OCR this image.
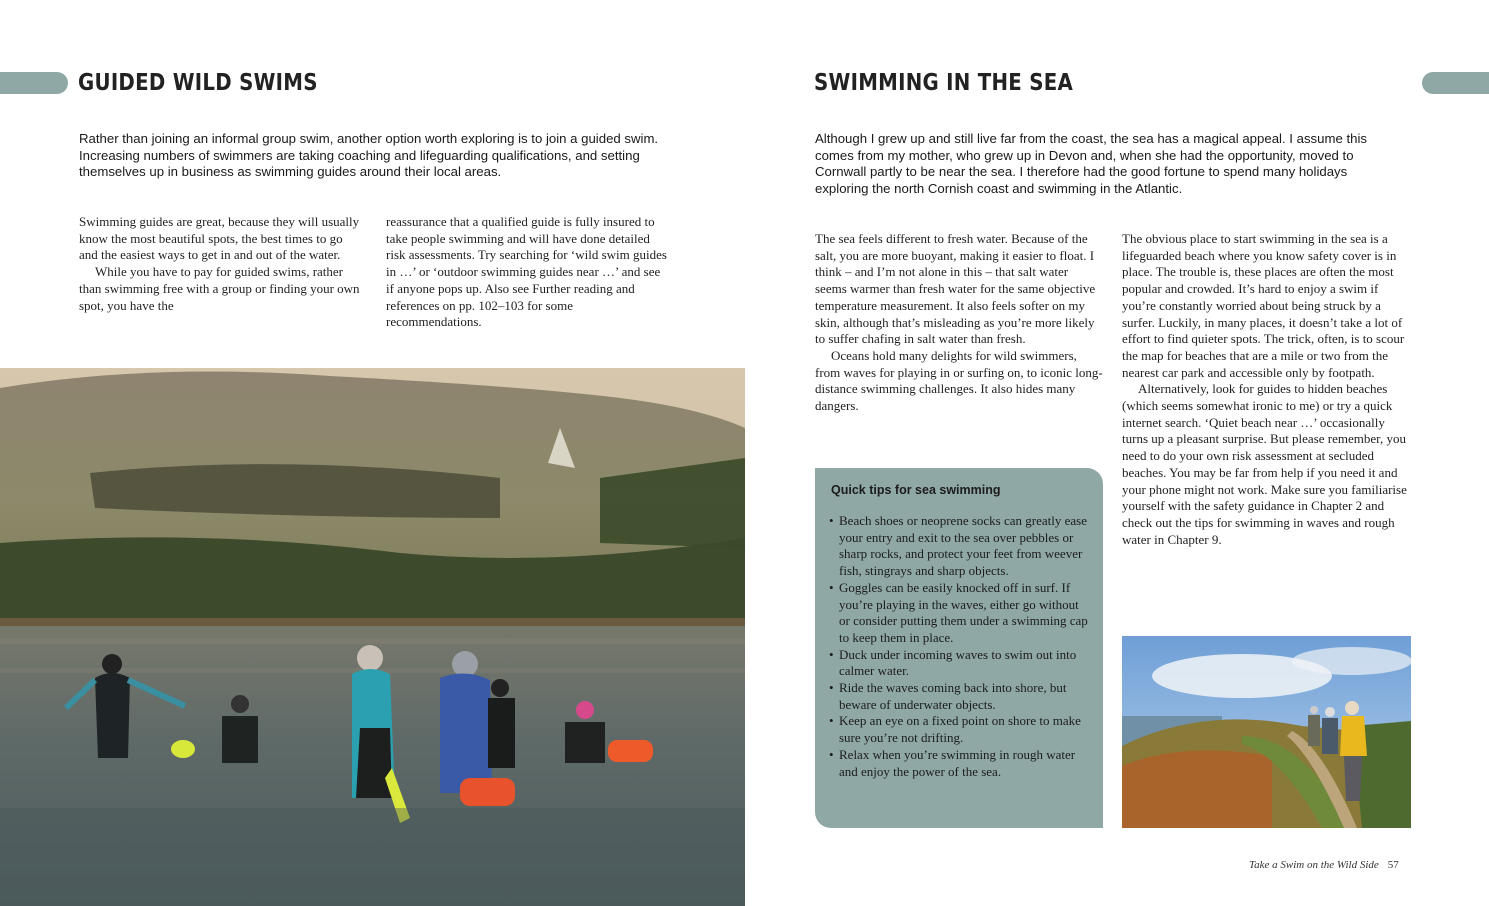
GUIDED WILD SWIMS	SWIMMING IN THE SEA

Rather than joining an informal group swim, another option worth exploring is to join a guided swim. Increasing numbers of swimmers are taking coaching and lifeguarding qualifications, and setting themselves up in business as swimming guides around their local areas.

Although I grew up and still live far from the coast, the sea has a magical appeal. I assume this comes from my mother, who grew up in Devon and, when she had the opportunity, moved to Cornwall partly to be near the sea. I therefore had the good fortune to spend many holidays exploring the north Cornish coast and swimming in the Atlantic.

Swimming guides are great, because they will usually know the most beautiful spots, the best times to go and the easiest ways to get in and out of the water.

While you have to pay for guided swims, rather than swimming free with a group or finding your own spot, you have the

reassurance that a qualified guide is fully insured to take people swimming and will have done detailed risk assessments. Try searching for ‘wild swim guides in …’ or ‘outdoor swimming guides near …’ and see if anyone pops up. Also see Further reading and references on pp. 102–103 for some recommendations.

The sea feels different to fresh water. Because of the salt, you are more buoyant, making it easier to float. I think – and I’m not alone in this – that salt water seems warmer than fresh water for the same objective temperature measurement. It also feels softer on my skin, although that’s misleading as you’re more likely to suffer chafing in salt water than fresh.

Oceans hold many delights for wild swimmers, from waves for playing in or surfing on, to iconic long-distance swimming challenges. It also hides many dangers.

The obvious place to start swimming in the sea is a lifeguarded beach where you know safety cover is in place. The trouble is, these places are often the most popular and crowded. It’s hard to enjoy a swim if you’re constantly worried about being struck by a surfer. Luckily, in many places, it doesn’t take a lot of effort to find quieter spots. The trick, often, is to scour the map for beaches that are a mile or two from the nearest car park and accessible only by footpath.

Alternatively, look for guides to hidden beaches (which seems somewhat ironic to me) or try a quick internet search. ‘Quiet beach near …’ occasionally turns up a pleasant surprise. But please remember, you need to do your own risk assessment at secluded beaches. You may be far from help if you need it and your phone might not work. Make sure you familiarise yourself with the safety guidance in Chapter 2 and check out the tips for swimming in waves and rough water in Chapter 9.

Quick tips for sea swimming
• Beach shoes or neoprene socks can greatly ease your entry and exit to the sea over pebbles or sharp rocks, and protect your feet from weever fish, stingrays and sharp objects.
• Goggles can be easily knocked off in surf. If you’re playing in the waves, either go without or consider putting them under a swimming cap to keep them in place.
• Duck under incoming waves to swim out into calmer water.
• Ride the waves coming back into shore, but beware of underwater objects.
• Keep an eye on a fixed point on shore to make sure you’re not drifting.
• Relax when you’re swimming in rough water and enjoy the power of the sea.
Take a Swim on the Wild Side 57
